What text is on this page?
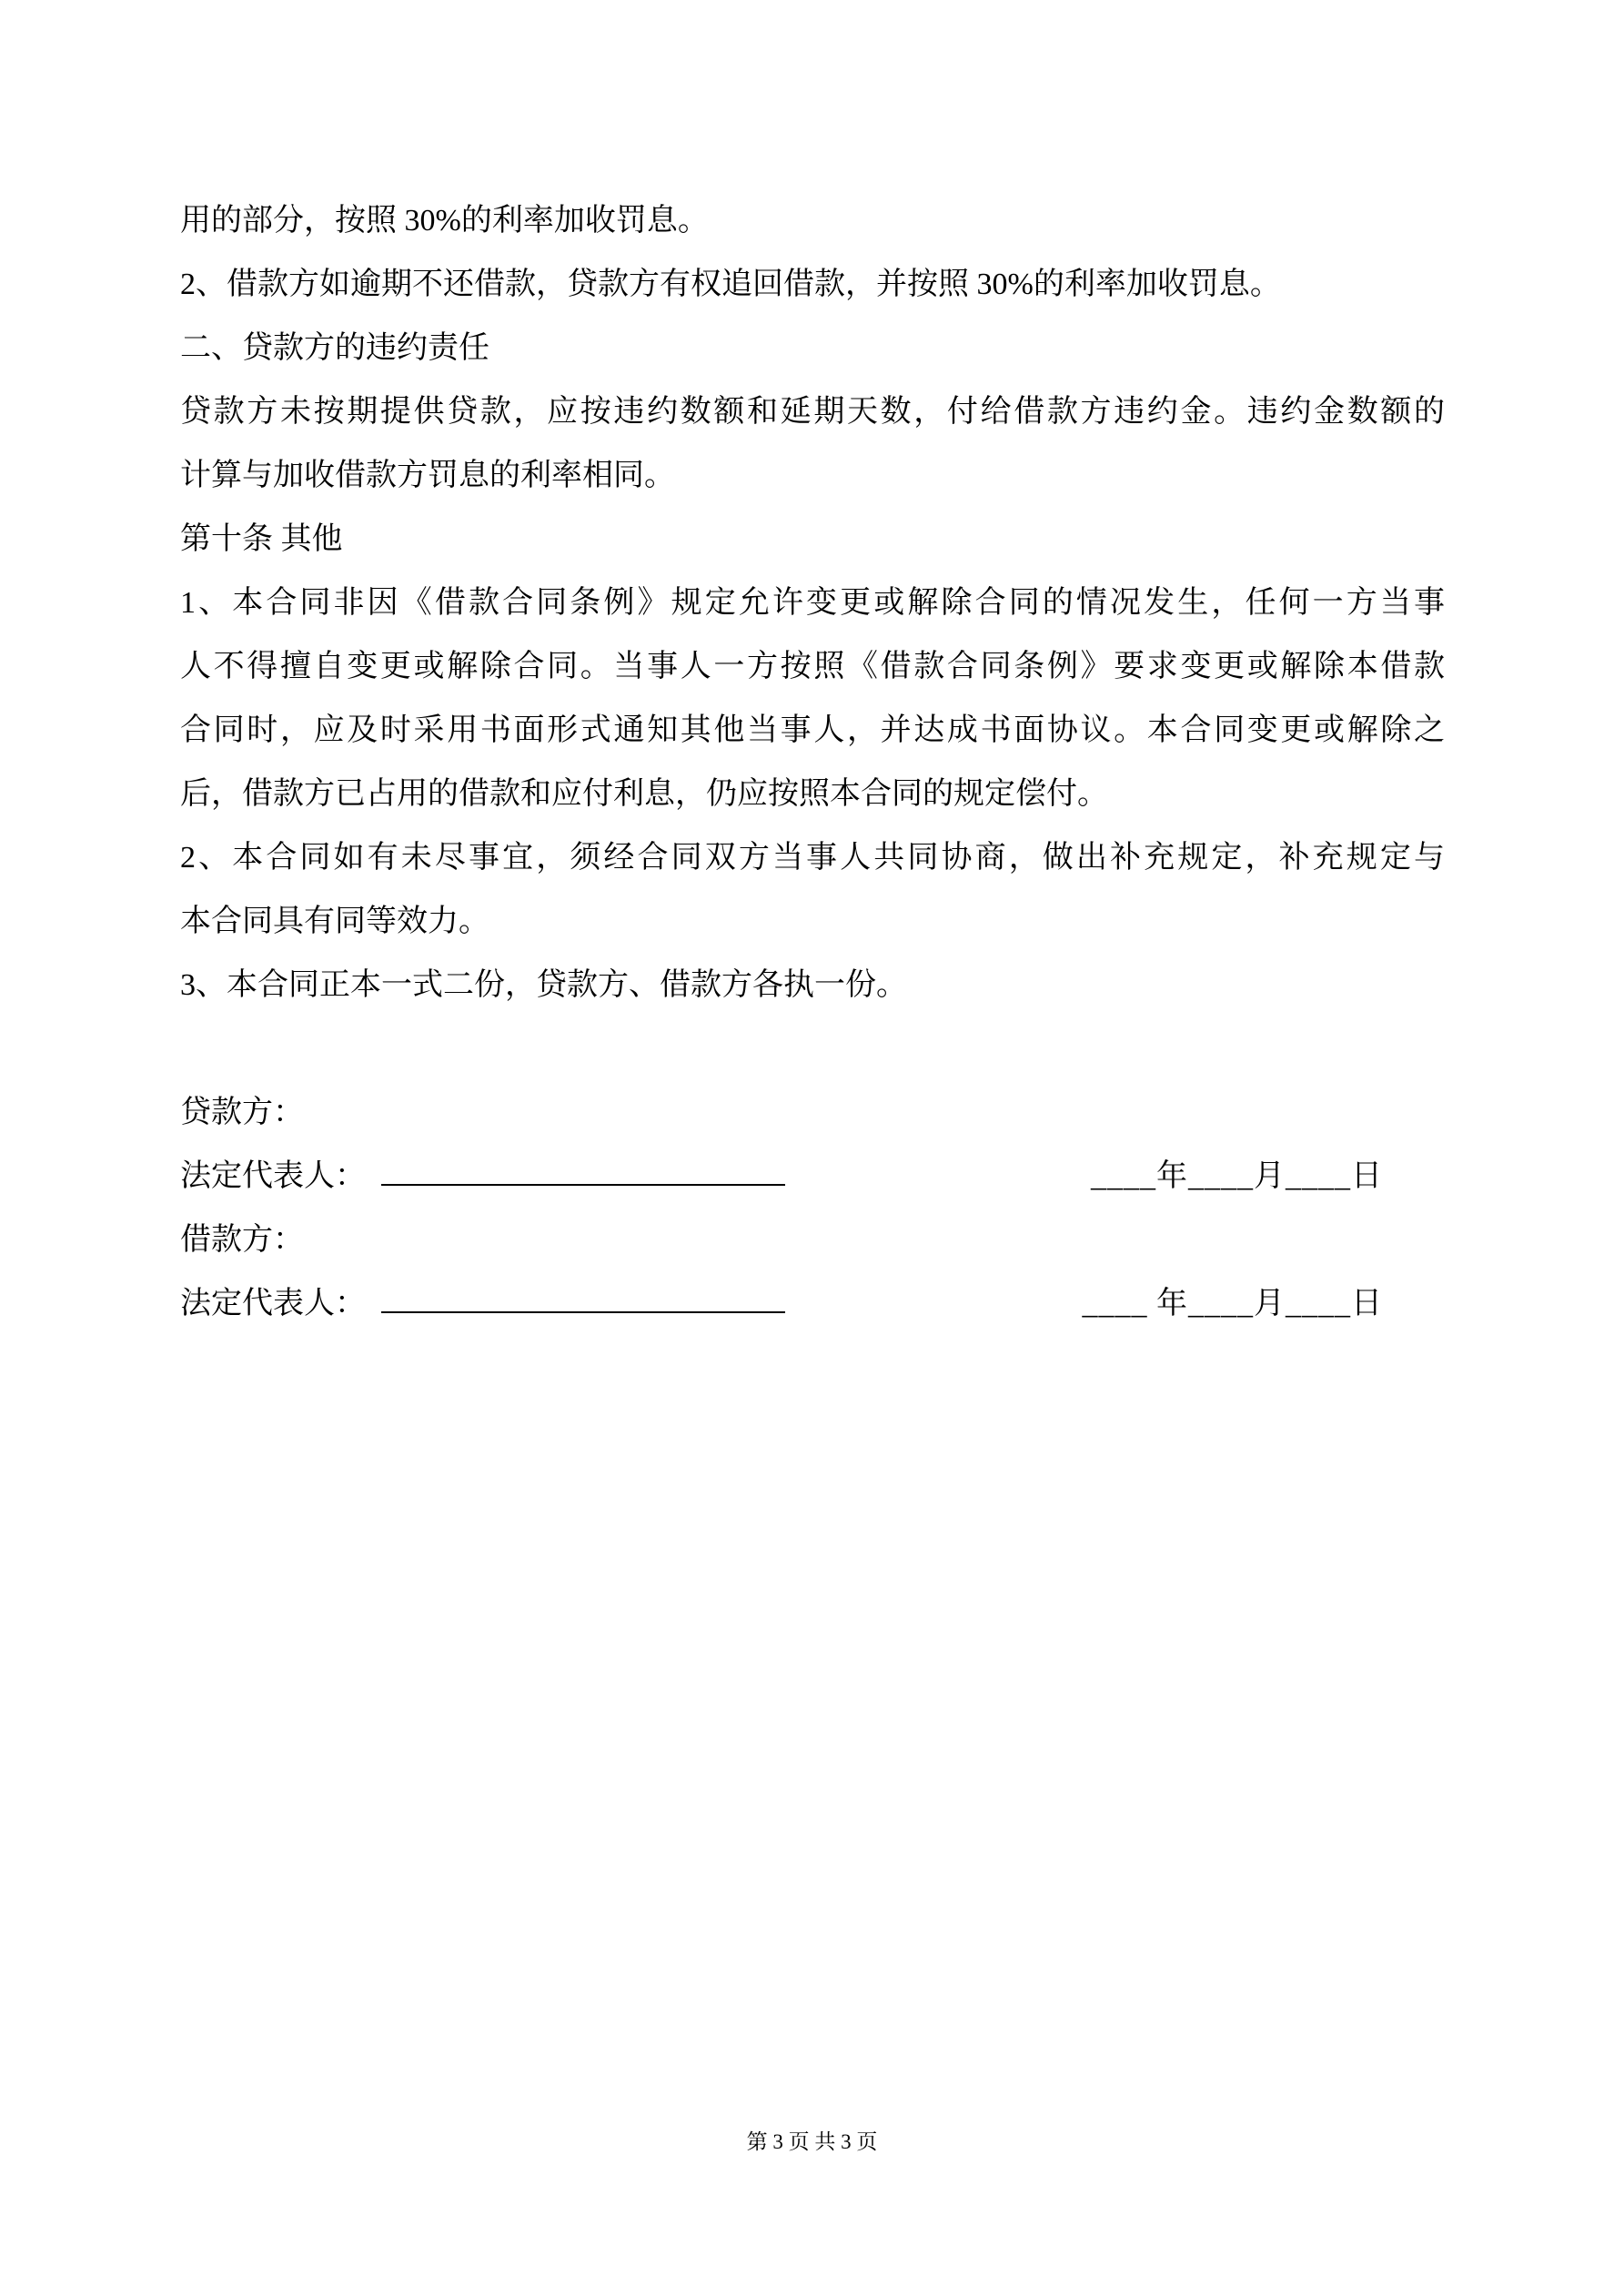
用的部分，按照 30%的利率加收罚息。
2、借款方如逾期不还借款，贷款方有权追回借款，并按照 30%的利率加收罚息。
二、贷款方的违约责任
贷款方未按期提供贷款，应按违约数额和延期天数，付给借款方违约金。违约金数额的
计算与加收借款方罚息的利率相同。
第十条 其他
1、本合同非因《借款合同条例》规定允许变更或解除合同的情况发生，任何一方当事
人不得擅自变更或解除合同。当事人一方按照《借款合同条例》要求变更或解除本借款
合同时，应及时采用书面形式通知其他当事人，并达成书面协议。本合同变更或解除之
后，借款方已占用的借款和应付利息，仍应按照本合同的规定偿付。
2、本合同如有未尽事宜，须经合同双方当事人共同协商，做出补充规定，补充规定与
本合同具有同等效力。
3、本合同正本一式二份，贷款方、借款方各执一份。
贷款方：
法定代表人：	____年____月____日
借款方：
法定代表人：	____ 年____月____日
第 3 页 共 3 页
